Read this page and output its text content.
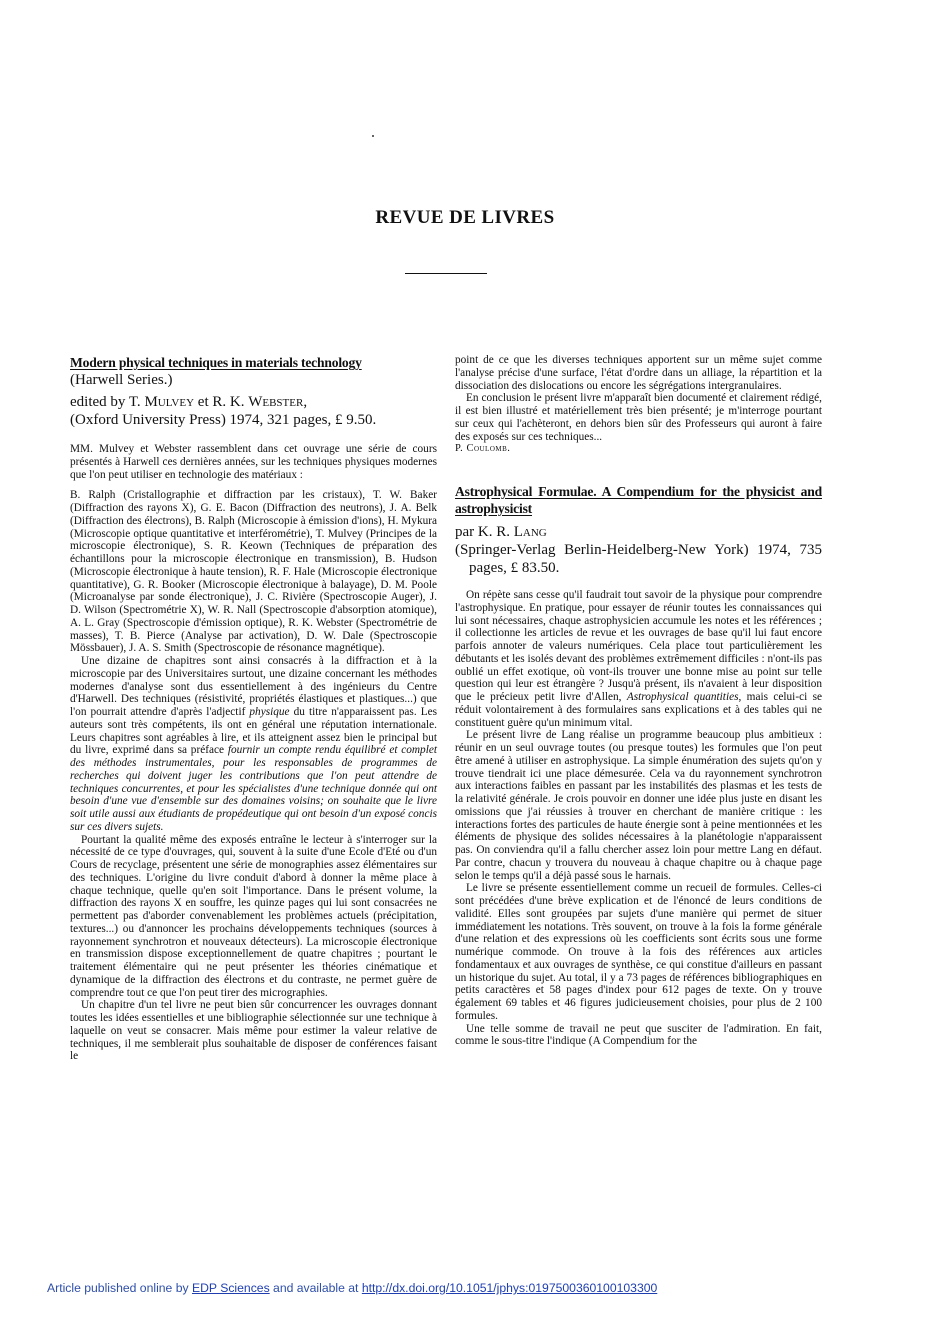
REVUE DE LIVRES

Modern physical techniques in materials technology

(Harwell Series.)

edited by T. Mulvey et R. K. Webster,

(Oxford University Press) 1974, 321 pages, £ 9.50.

MM. Mulvey et Webster rassemblent dans cet ouvrage une série de cours présentés à Harwell ces dernières années, sur les techniques physiques modernes que l'on peut utiliser en technologie des matériaux :

B. Ralph (Cristallographie et diffraction par les cristaux), T. W. Baker (Diffraction des rayons X), G. E. Bacon (Diffraction des neutrons), J. A. Belk (Diffraction des électrons), B. Ralph (Microscopie à émission d'ions), H. Mykura (Microscopie optique quantitative et interférométrie), T. Mulvey (Principes de la microscopie électronique), S. R. Keown (Techniques de préparation des échantillons pour la microscopie électronique en transmission), B. Hudson (Microscopie électronique à haute tension), R. F. Hale (Microscopie électronique quantitative), G. R. Booker (Microscopie électronique à balayage), D. M. Poole (Microanalyse par sonde électronique), J. C. Rivière (Spectroscopie Auger), J. D. Wilson (Spectrométrie X), W. R. Nall (Spectroscopie d'absorption atomique), A. L. Gray (Spectroscopie d'émission optique), R. K. Webster (Spectrométrie de masses), T. B. Pierce (Analyse par activation), D. W. Dale (Spectroscopie Mössbauer), J. A. S. Smith (Spectroscopie de résonance magnétique).

Une dizaine de chapitres sont ainsi consacrés à la diffraction et à la microscopie par des Universitaires surtout, une dizaine concernant les méthodes modernes d'analyse sont dus essentiellement à des ingénieurs du Centre d'Harwell. Des techniques (résistivité, propriétés élastiques et plastiques...) que l'on pourrait attendre d'après l'adjectif physique du titre n'apparaissent pas. Les auteurs sont très compétents, ils ont en général une réputation internationale. Leurs chapitres sont agréables à lire, et ils atteignent assez bien le principal but du livre, exprimé dans sa préface fournir un compte rendu équilibré et complet des méthodes instrumentales, pour les responsables de programmes de recherches qui doivent juger les contributions que l'on peut attendre de techniques concurrentes, et pour les spécialistes d'une technique donnée qui ont besoin d'une vue d'ensemble sur des domaines voisins; on souhaite que le livre soit utile aussi aux étudiants de propédeutique qui ont besoin d'un exposé concis sur ces divers sujets.

Pourtant la qualité même des exposés entraîne le lecteur à s'interroger sur la nécessité de ce type d'ouvrages, qui, souvent à la suite d'une Ecole d'Eté ou d'un Cours de recyclage, présentent une série de monographies assez élémentaires sur des techniques. L'origine du livre conduit d'abord à donner la même place à chaque technique, quelle qu'en soit l'importance. Dans le présent volume, la diffraction des rayons X en souffre, les quinze pages qui lui sont consacrées ne permettent pas d'aborder convenablement les problèmes actuels (précipitation, textures...) ou d'annoncer les prochains développements techniques (sources à rayonnement synchrotron et nouveaux détecteurs). La microscopie électronique en transmission dispose exceptionnellement de quatre chapitres ; pourtant le traitement élémentaire qui ne peut présenter les théories cinématique et dynamique de la diffraction des électrons et du contraste, ne permet guère de comprendre tout ce que l'on peut tirer des micrographies.

Un chapitre d'un tel livre ne peut bien sûr concurrencer les ouvrages donnant toutes les idées essentielles et une bibliographie sélectionnée sur une technique à laquelle on veut se consacrer. Mais même pour estimer la valeur relative de techniques, il me semblerait plus souhaitable de disposer de conférences faisant le

point de ce que les diverses techniques apportent sur un même sujet comme l'analyse précise d'une surface, l'état d'ordre dans un alliage, la répartition et la dissociation des dislocations ou encore les ségrégations intergranulaires.

En conclusion le présent livre m'apparaît bien documenté et clairement rédigé, il est bien illustré et matériellement très bien présenté; je m'interroge pourtant sur ceux qui l'achèteront, en dehors bien sûr des Professeurs qui auront à faire des exposés sur ces techniques...

P. Coulomb.

Astrophysical Formulae. A Compendium for the physicist and astrophysicist

par K. R. Lang

(Springer-Verlag Berlin-Heidelberg-New York) 1974, 735 pages, £ 83.50.

On répète sans cesse qu'il faudrait tout savoir de la physique pour comprendre l'astrophysique. En pratique, pour essayer de réunir toutes les connaissances qui lui sont nécessaires, chaque astrophysicien accumule les notes et les références ; il collectionne les articles de revue et les ouvrages de base qu'il lui faut encore parfois annoter de valeurs numériques. Cela place tout particulièrement les débutants et les isolés devant des problèmes extrêmement difficiles : n'ont-ils pas oublié un effet exotique, où vont-ils trouver une bonne mise au point sur telle question qui leur est étrangère ? Jusqu'à présent, ils n'avaient à leur disposition que le précieux petit livre d'Allen, Astrophysical quantities, mais celui-ci se réduit volontairement à des formulaires sans explications et à des tables qui ne constituent guère qu'un minimum vital.

Le présent livre de Lang réalise un programme beaucoup plus ambitieux : réunir en un seul ouvrage toutes (ou presque toutes) les formules que l'on peut être amené à utiliser en astrophysique. La simple énumération des sujets qu'on y trouve tiendrait ici une place démesurée. Cela va du rayonnement synchrotron aux interactions faibles en passant par les instabilités des plasmas et les tests de la relativité générale. Je crois pouvoir en donner une idée plus juste en disant les omissions que j'ai réussies à trouver en cherchant de manière critique : les interactions fortes des particules de haute énergie sont à peine mentionnées et les éléments de physique des solides nécessaires à la planétologie n'apparaissent pas. On conviendra qu'il a fallu chercher assez loin pour mettre Lang en défaut. Par contre, chacun y trouvera du nouveau à chaque chapitre ou à chaque page selon le temps qu'il a déjà passé sous le harnais.

Le livre se présente essentiellement comme un recueil de formules. Celles-ci sont précédées d'une brève explication et de l'énoncé de leurs conditions de validité. Elles sont groupées par sujets d'une manière qui permet de situer immédiatement les notations. Très souvent, on trouve à la fois la forme générale d'une relation et des expressions où les coefficients sont écrits sous une forme numérique commode. On trouve à la fois des références aux articles fondamentaux et aux ouvrages de synthèse, ce qui constitue d'ailleurs en passant un historique du sujet. Au total, il y a 73 pages de références bibliographiques en petits caractères et 58 pages d'index pour 612 pages de texte. On y trouve également 69 tables et 46 figures judicieusement choisies, pour plus de 2 100 formules.

Une telle somme de travail ne peut que susciter de l'admiration. En fait, comme le sous-titre l'indique (A Compendium for the

Article published online by EDP Sciences and available at http://dx.doi.org/10.1051/jphys:0197500360100103300
